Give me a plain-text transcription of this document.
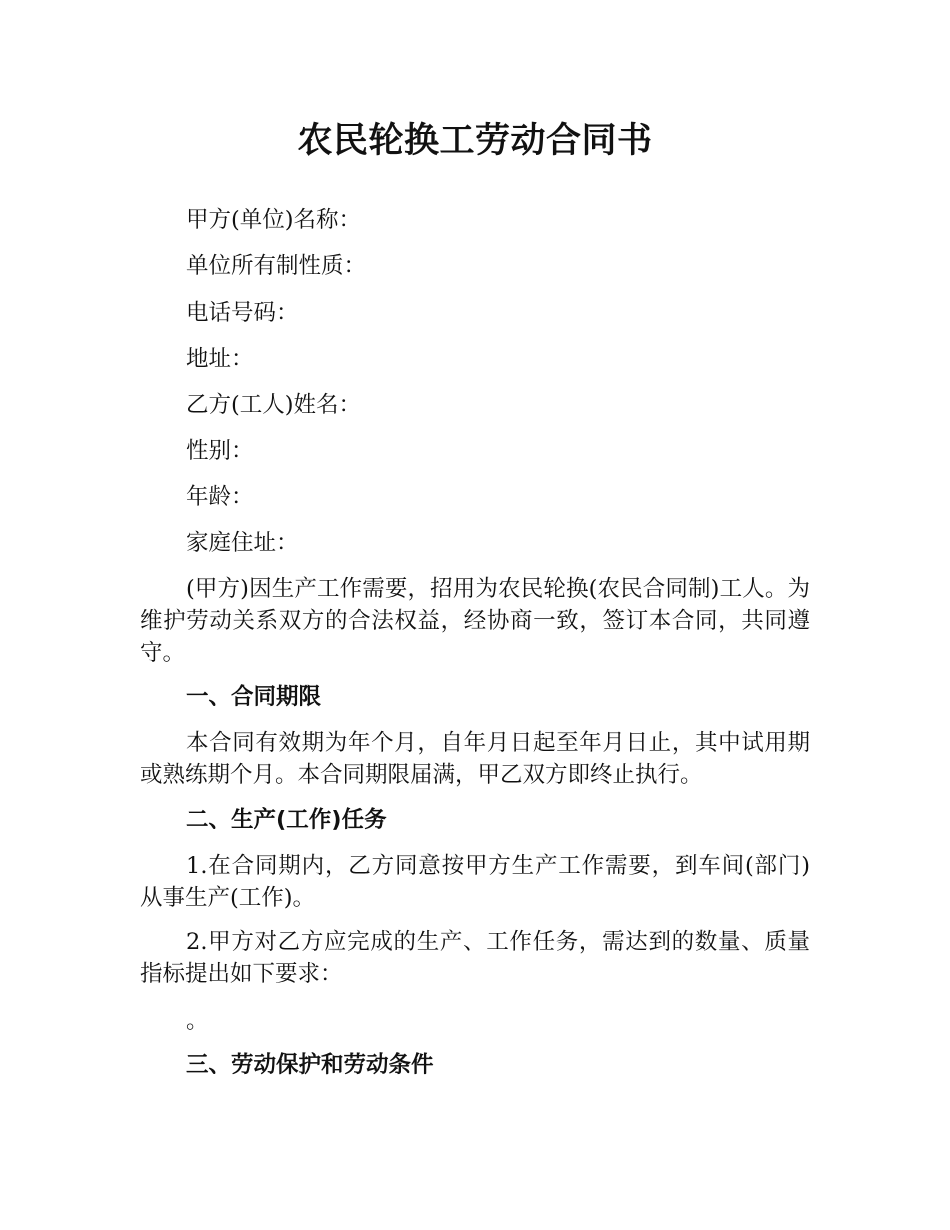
农民轮换工劳动合同书

甲方(单位)名称：

单位所有制性质：

电话号码：

地址：

乙方(工人)姓名：

性别：

年龄：

家庭住址：

(甲方)因生产工作需要，招用为农民轮换(农民合同制)工人。为维护劳动关系双方的合法权益，经协商一致，签订本合同，共同遵守。

一、合同期限

本合同有效期为年个月，自年月日起至年月日止，其中试用期或熟练期个月。本合同期限届满，甲乙双方即终止执行。

二、生产(工作)任务

1.在合同期内，乙方同意按甲方生产工作需要，到车间(部门)从事生产(工作)。

2.甲方对乙方应完成的生产、工作任务，需达到的数量、质量指标提出如下要求：

。

三、劳动保护和劳动条件
